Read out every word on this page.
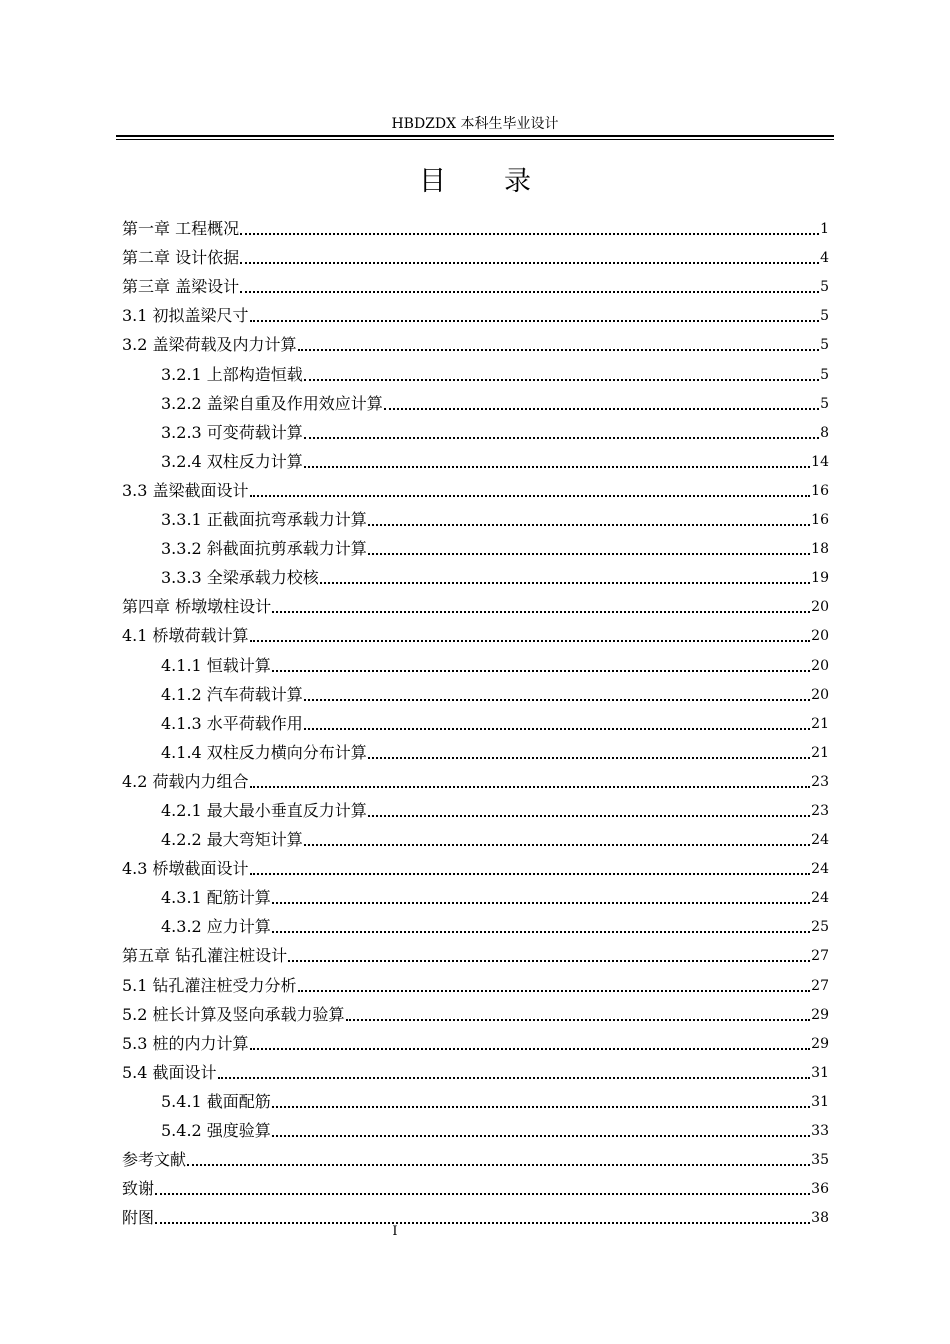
HBDZDX 本科生毕业设计
目录
第一章 工程概况	1
第二章 设计依据	4
第三章 盖梁设计	5
3.1 初拟盖梁尺寸	5
3.2 盖梁荷载及内力计算	5
3.2.1 上部构造恒载	5
3.2.2 盖梁自重及作用效应计算	5
3.2.3 可变荷载计算	8
3.2.4 双柱反力计算	14
3.3 盖梁截面设计	16
3.3.1 正截面抗弯承载力计算	16
3.3.2 斜截面抗剪承载力计算	18
3.3.3 全梁承载力校核	19
第四章 桥墩墩柱设计	20
4.1 桥墩荷载计算	20
4.1.1 恒载计算	20
4.1.2 汽车荷载计算	20
4.1.3 水平荷载作用	21
4.1.4 双柱反力横向分布计算	21
4.2 荷载内力组合	23
4.2.1 最大最小垂直反力计算	23
4.2.2 最大弯矩计算	24
4.3 桥墩截面设计	24
4.3.1 配筋计算	24
4.3.2 应力计算	25
第五章 钻孔灌注桩设计	27
5.1 钻孔灌注桩受力分析	27
5.2 桩长计算及竖向承载力验算	29
5.3 桩的内力计算	29
5.4 截面设计	31
5.4.1 截面配筋	31
5.4.2 强度验算	33
参考文献	35
致谢	36
附图	38
I
